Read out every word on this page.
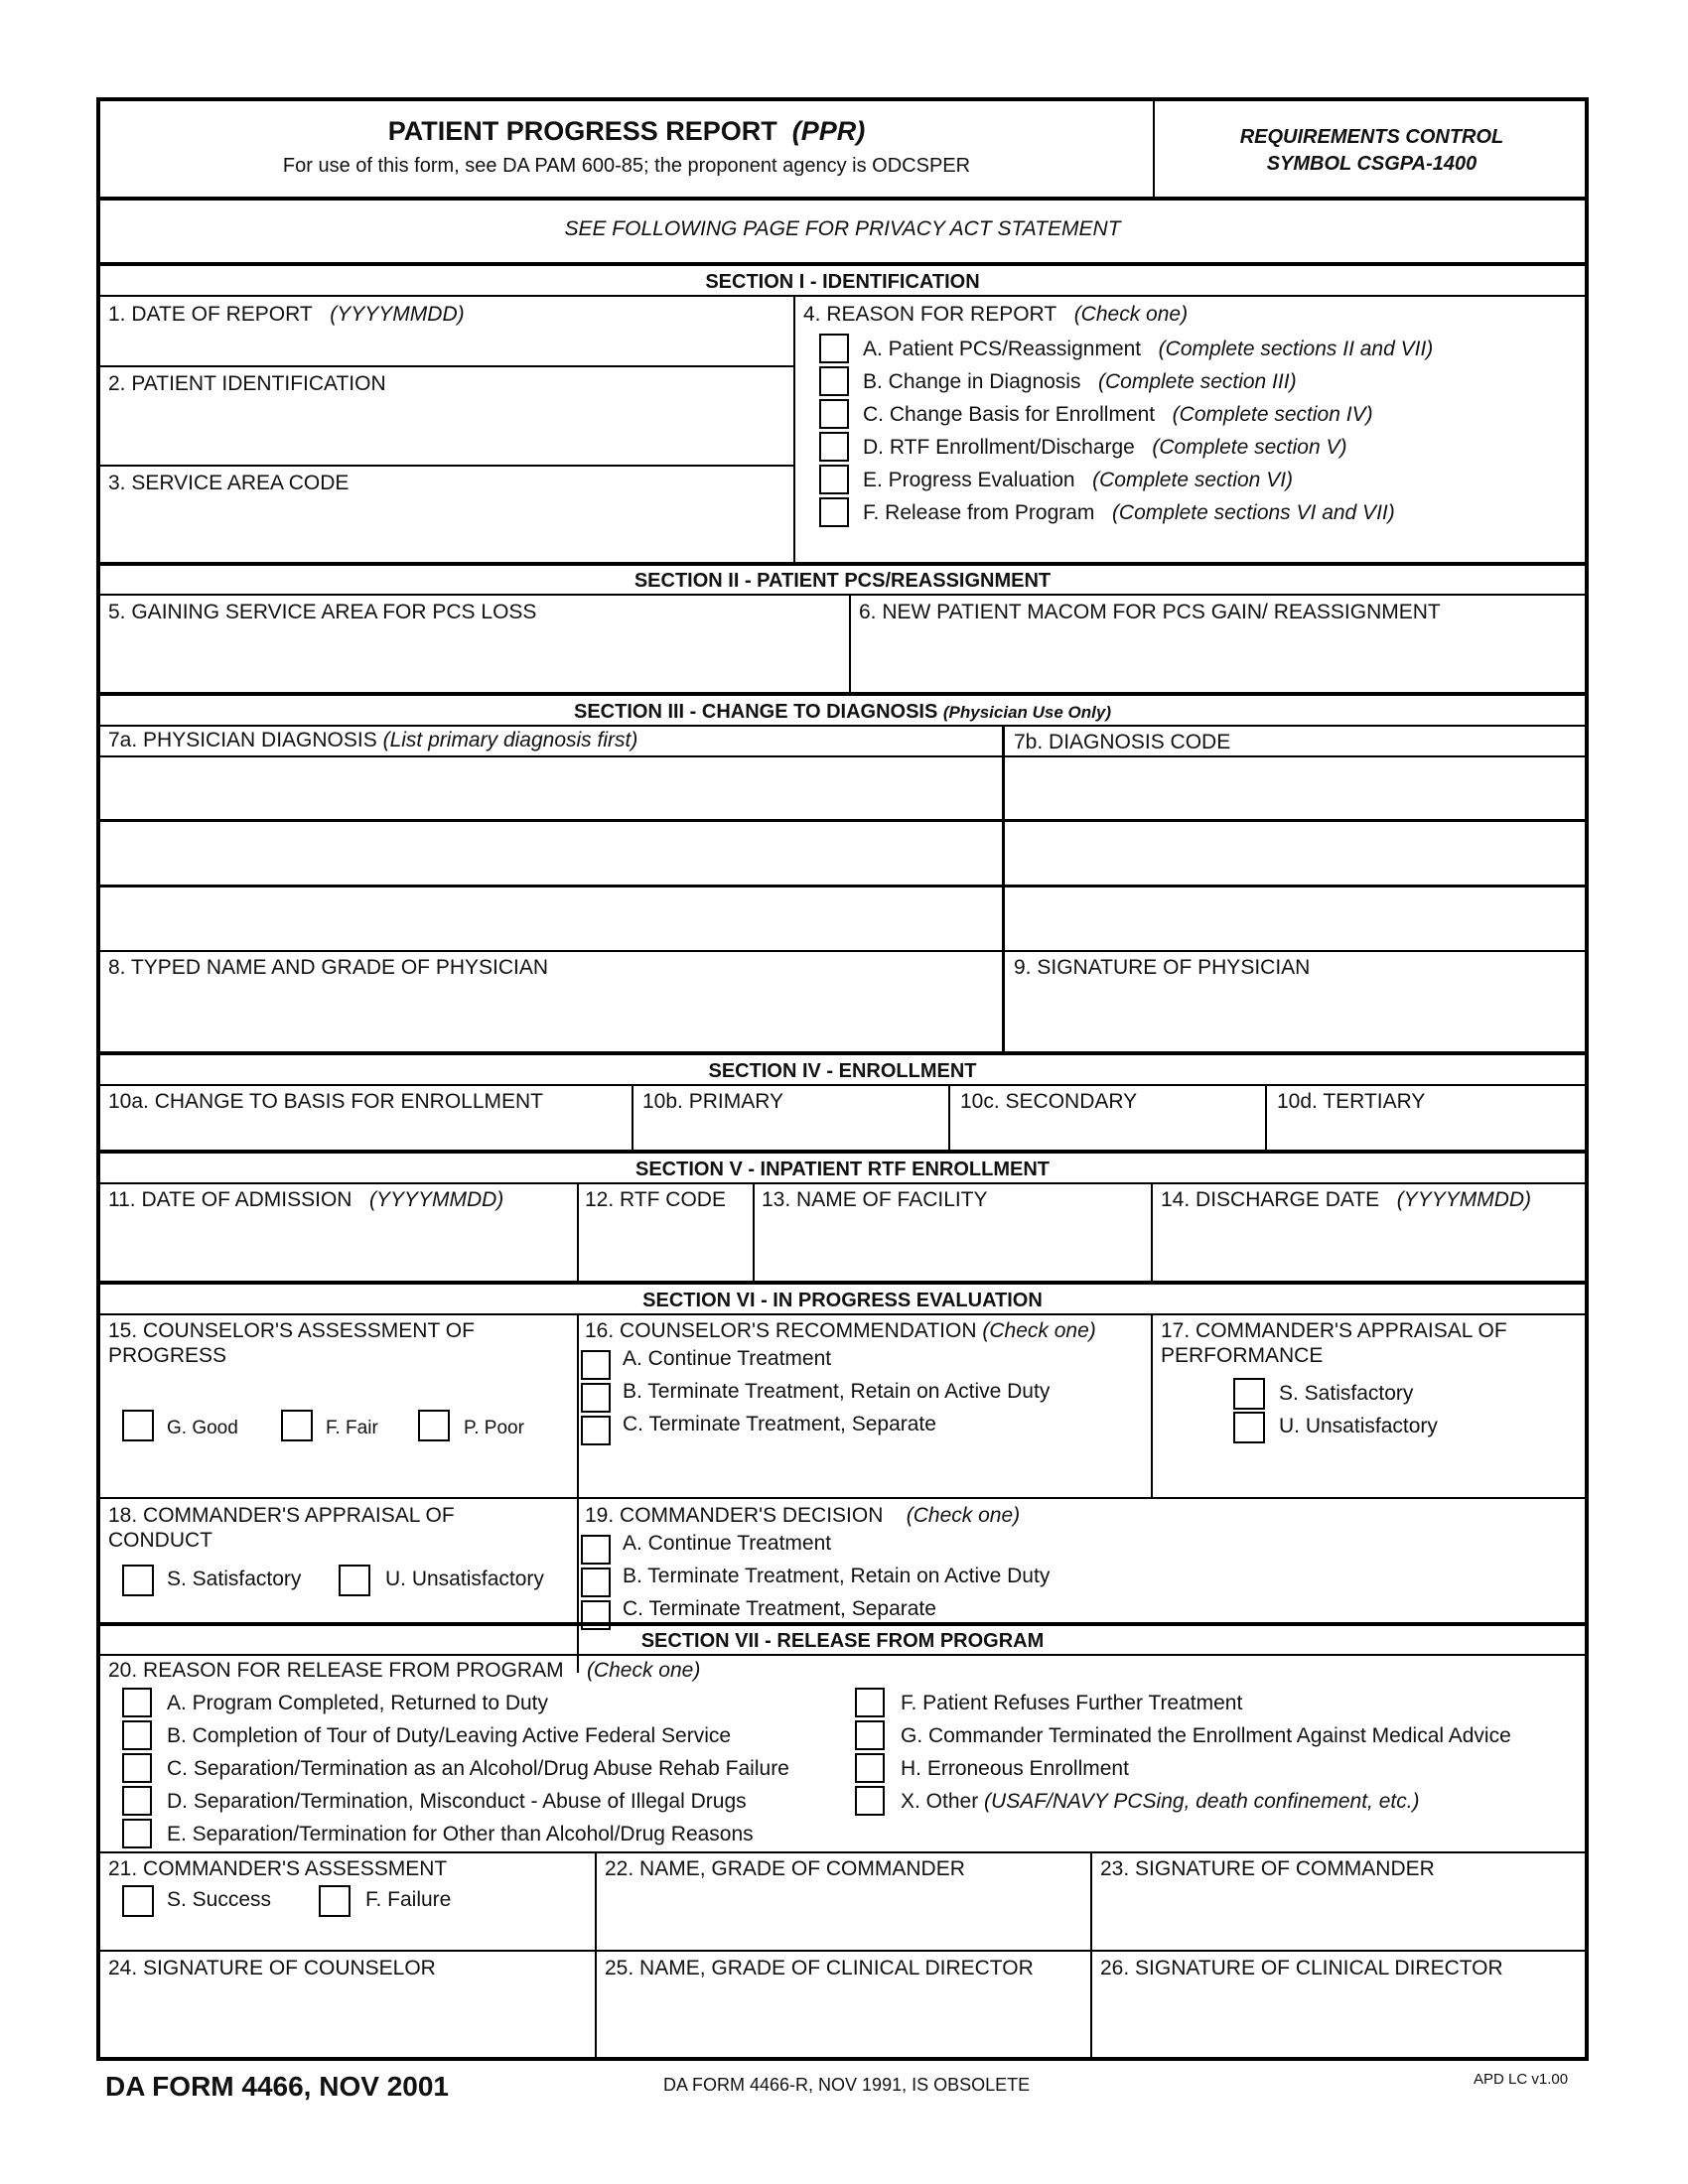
PATIENT PROGRESS REPORT (PPR)
For use of this form, see DA PAM 600-85; the proponent agency is ODCSPER
REQUIREMENTS CONTROL
SYMBOL CSGPA-1400
SEE FOLLOWING PAGE FOR PRIVACY ACT STATEMENT
SECTION I - IDENTIFICATION
1. DATE OF REPORT (YYYYMMDD)
2. PATIENT IDENTIFICATION
3. SERVICE AREA CODE
4. REASON FOR REPORT (Check one)
A. Patient PCS/Reassignment (Complete sections II and VII)
B. Change in Diagnosis (Complete section III)
C. Change Basis for Enrollment (Complete section IV)
D. RTF Enrollment/Discharge (Complete section V)
E. Progress Evaluation (Complete section VI)
F. Release from Program (Complete sections VI and VII)
SECTION II - PATIENT PCS/REASSIGNMENT
5. GAINING SERVICE AREA FOR PCS LOSS	6. NEW PATIENT MACOM FOR PCS GAIN/ REASSIGNMENT
SECTION III - CHANGE TO DIAGNOSIS (Physician Use Only)
7a. PHYSICIAN DIAGNOSIS (List primary diagnosis first)	7b. DIAGNOSIS CODE
8. TYPED NAME AND GRADE OF PHYSICIAN	9. SIGNATURE OF PHYSICIAN
SECTION IV - ENROLLMENT
10a. CHANGE TO BASIS FOR ENROLLMENT	10b. PRIMARY	10c. SECONDARY	10d. TERTIARY
SECTION V - INPATIENT RTF ENROLLMENT
11. DATE OF ADMISSION (YYYYMMDD)	12. RTF CODE 13. NAME OF FACILITY	14. DISCHARGE DATE (YYYYMMDD)
SECTION VI - IN PROGRESS EVALUATION
15. COUNSELOR'S ASSESSMENT OF
PROGRESS
G. Good	F. Fair	P. Poor
16. COUNSELOR'S RECOMMENDATION (Check one)
A. Continue Treatment
B. Terminate Treatment, Retain on Active Duty
C. Terminate Treatment, Separate
17. COMMANDER'S APPRAISAL OF
PERFORMANCE
S. Satisfactory
U. Unsatisfactory
18. COMMANDER'S APPRAISAL OF
CONDUCT
S. Satisfactory	U. Unsatisfactory
19. COMMANDER'S DECISION (Check one)
A. Continue Treatment
B. Terminate Treatment, Retain on Active Duty
C. Terminate Treatment, Separate
SECTION VII - RELEASE FROM PROGRAM
20. REASON FOR RELEASE FROM PROGRAM (Check one)
A. Program Completed, Returned to Duty
B. Completion of Tour of Duty/Leaving Active Federal Service
C. Separation/Termination as an Alcohol/Drug Abuse Rehab Failure
D. Separation/Termination, Misconduct - Abuse of Illegal Drugs
E. Separation/Termination for Other than Alcohol/Drug Reasons
F. Patient Refuses Further Treatment
G. Commander Terminated the Enrollment Against Medical Advice
H. Erroneous Enrollment
X. Other (USAF/NAVY PCSing, death confinement, etc.)
21. COMMANDER'S ASSESSMENT
S. Success	F. Failure
22. NAME, GRADE OF COMMANDER	23. SIGNATURE OF COMMANDER
24. SIGNATURE OF COUNSELOR	25. NAME, GRADE OF CLINICAL DIRECTOR	26. SIGNATURE OF CLINICAL DIRECTOR
DA FORM 4466, NOV 2001	DA FORM 4466-R, NOV 1991, IS OBSOLETE	APD LC v1.00
